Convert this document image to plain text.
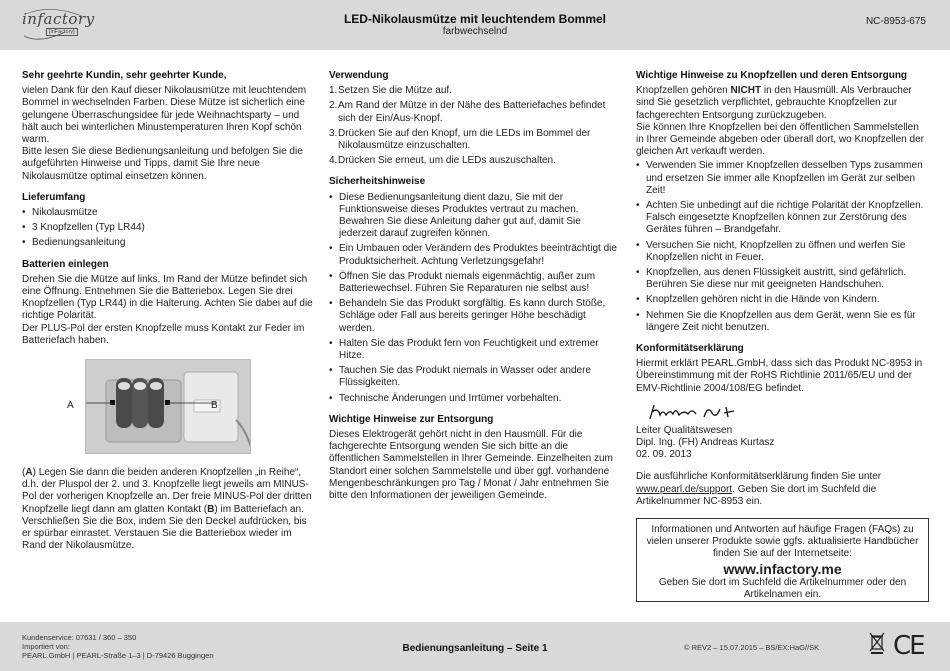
infactory
[inFactory]
LED-Nikolausmütze mit leuchtendem Bommel
farbwechselnd
NC-8953-675
Sehr geehrte Kundin, sehr geehrter Kunde,

vielen Dank für den Kauf dieser Nikolausmütze mit leuchtendem Bommel in wechselnden Farben. Diese Mütze ist sicherlich eine gelungene Überraschungsidee für jede Weihnachtsparty – und hält auch bei winterlichen Minustemperaturen Ihren Kopf schön warm.

Bitte lesen Sie diese Bedienungsanleitung und befolgen Sie die aufgeführten Hinweise und Tipps, damit Sie Ihre neue Nikolausmütze optimal einsetzen können.

Lieferumfang
• Nikolausmütze
• 3 Knopfzellen (Typ LR44)
• Bedienungsanleitung
Batterien einlegen

Drehen Sie die Mütze auf links. Im Rand der Mütze befindet sich eine Öffnung. Entnehmen Sie die Batteriebox. Legen Sie drei Knopfzellen (Typ LR44) in die Halterung. Achten Sie dabei auf die richtige Polarität.

Der PLUS-Pol der ersten Knopfzelle muss Kontakt zur Feder im Batteriefach haben.

A	B

(A) Legen Sie dann die beiden anderen Knopfzellen „in Reihe“, d.h. der Pluspol der 2. und 3. Knopfzelle liegt jeweils am MINUS-Pol der vorherigen Knopfzelle an. Der freie MINUS-Pol der dritten Knopfzelle liegt dann am glatten Kontakt (B) im Batteriefach an.

Verschließen Sie die Box, indem Sie den Deckel aufdrücken, bis er spürbar einrastet. Verstauen Sie die Batteriebox wieder im Rand der Nikolausmütze.

Verwendung
1. Setzen Sie die Mütze auf.
2. Am Rand der Mütze in der Nähe des Batteriefaches befindet sich der Ein/Aus-Knopf.
3. Drücken Sie auf den Knopf, um die LEDs im Bommel der Nikolausmütze einzuschalten.
4. Drücken Sie erneut, um die LEDs auszuschalten.
Sicherheitshinweise
• Diese Bedienungsanleitung dient dazu, Sie mit der Funktionsweise dieses Produktes vertraut zu machen. Bewahren Sie diese Anleitung daher gut auf, damit Sie jederzeit darauf zugreifen können.
• Ein Umbauen oder Verändern des Produktes beeinträchtigt die Produktsicherheit. Achtung Verletzungsgefahr!
• Öffnen Sie das Produkt niemals eigenmächtig, außer zum Batteriewechsel. Führen Sie Reparaturen nie selbst aus!
• Behandeln Sie das Produkt sorgfältig. Es kann durch Stöße, Schläge oder Fall aus bereits geringer Höhe beschädigt werden.
• Halten Sie das Produkt fern von Feuchtigkeit und extremer Hitze.
• Tauchen Sie das Produkt niemals in Wasser oder andere Flüssigkeiten.
• Technische Änderungen und Irrtümer vorbehalten.
Wichtige Hinweise zur Entsorgung

Dieses Elektrogerät gehört nicht in den Hausmüll. Für die fachgerechte Entsorgung wenden Sie sich bitte an die öffentlichen Sammelstellen in Ihrer Gemeinde. Einzelheiten zum Standort einer solchen Sammelstelle und über ggf. vorhandene Mengenbeschränkungen pro Tag / Monat / Jahr entnehmen Sie bitte den Informationen der jeweiligen Gemeinde.

Wichtige Hinweise zu Knopfzellen und deren Entsorgung

Knopfzellen gehören NICHT in den Hausmüll. Als Verbraucher sind Sie gesetzlich verpflichtet, gebrauchte Knopfzellen zur fachgerechten Entsorgung zurückzugeben.

Sie können Ihre Knopfzellen bei den öffentlichen Sammelstellen in Ihrer Gemeinde abgeben oder überall dort, wo Knopfzellen der gleichen Art verkauft werden.

• Verwenden Sie immer Knopfzellen desselben Typs zusammen und ersetzen Sie immer alle Knopfzellen im Gerät zur selben Zeit!
• Achten Sie unbedingt auf die richtige Polarität der Knopfzellen. Falsch eingesetzte Knopfzellen können zur Zerstörung des Gerätes führen – Brandgefahr.
• Versuchen Sie nicht, Knopfzellen zu öffnen und werfen Sie Knopfzellen nicht in Feuer.
• Knopfzellen, aus denen Flüssigkeit austritt, sind gefährlich. Berühren Sie diese nur mit geeigneten Handschuhen.
• Knopfzellen gehören nicht in die Hände von Kindern.
• Nehmen Sie die Knopfzellen aus dem Gerät, wenn Sie es für längere Zeit nicht benutzen.
Konformitätserklärung

Hiermit erklärt PEARL.GmbH, dass sich das Produkt NC-8953 in Übereinstimmung mit der RoHS Richtlinie 2011/65/EU und der EMV-Richtlinie 2004/108/EG befindet.

Leiter Qualitätswesen

Dipl. Ing. (FH) Andreas Kurtasz

02. 09. 2013

Die ausführliche Konformitätserklärung finden Sie unter www.pearl.de/support. Geben Sie dort im Suchfeld die Artikelnummer NC-8953 ein.

Informationen und Antworten auf häufige Fragen (FAQs) zu vielen unserer Produkte sowie ggfs. aktualisierte Handbücher finden Sie auf der Internetseite:

www.infactory.me

Geben Sie dort im Suchfeld die Artikelnummer oder den Artikelnamen ein.

Kundenservice: 07631 / 360 – 350
Importiert von:
PEARL.GmbH | PEARL-Straße 1–3 | D-79426 Buggingen
Bedienungsanleitung – Seite 1	© REV2 – 15.07.2015 – BS/EX:HaG//SK	CE
